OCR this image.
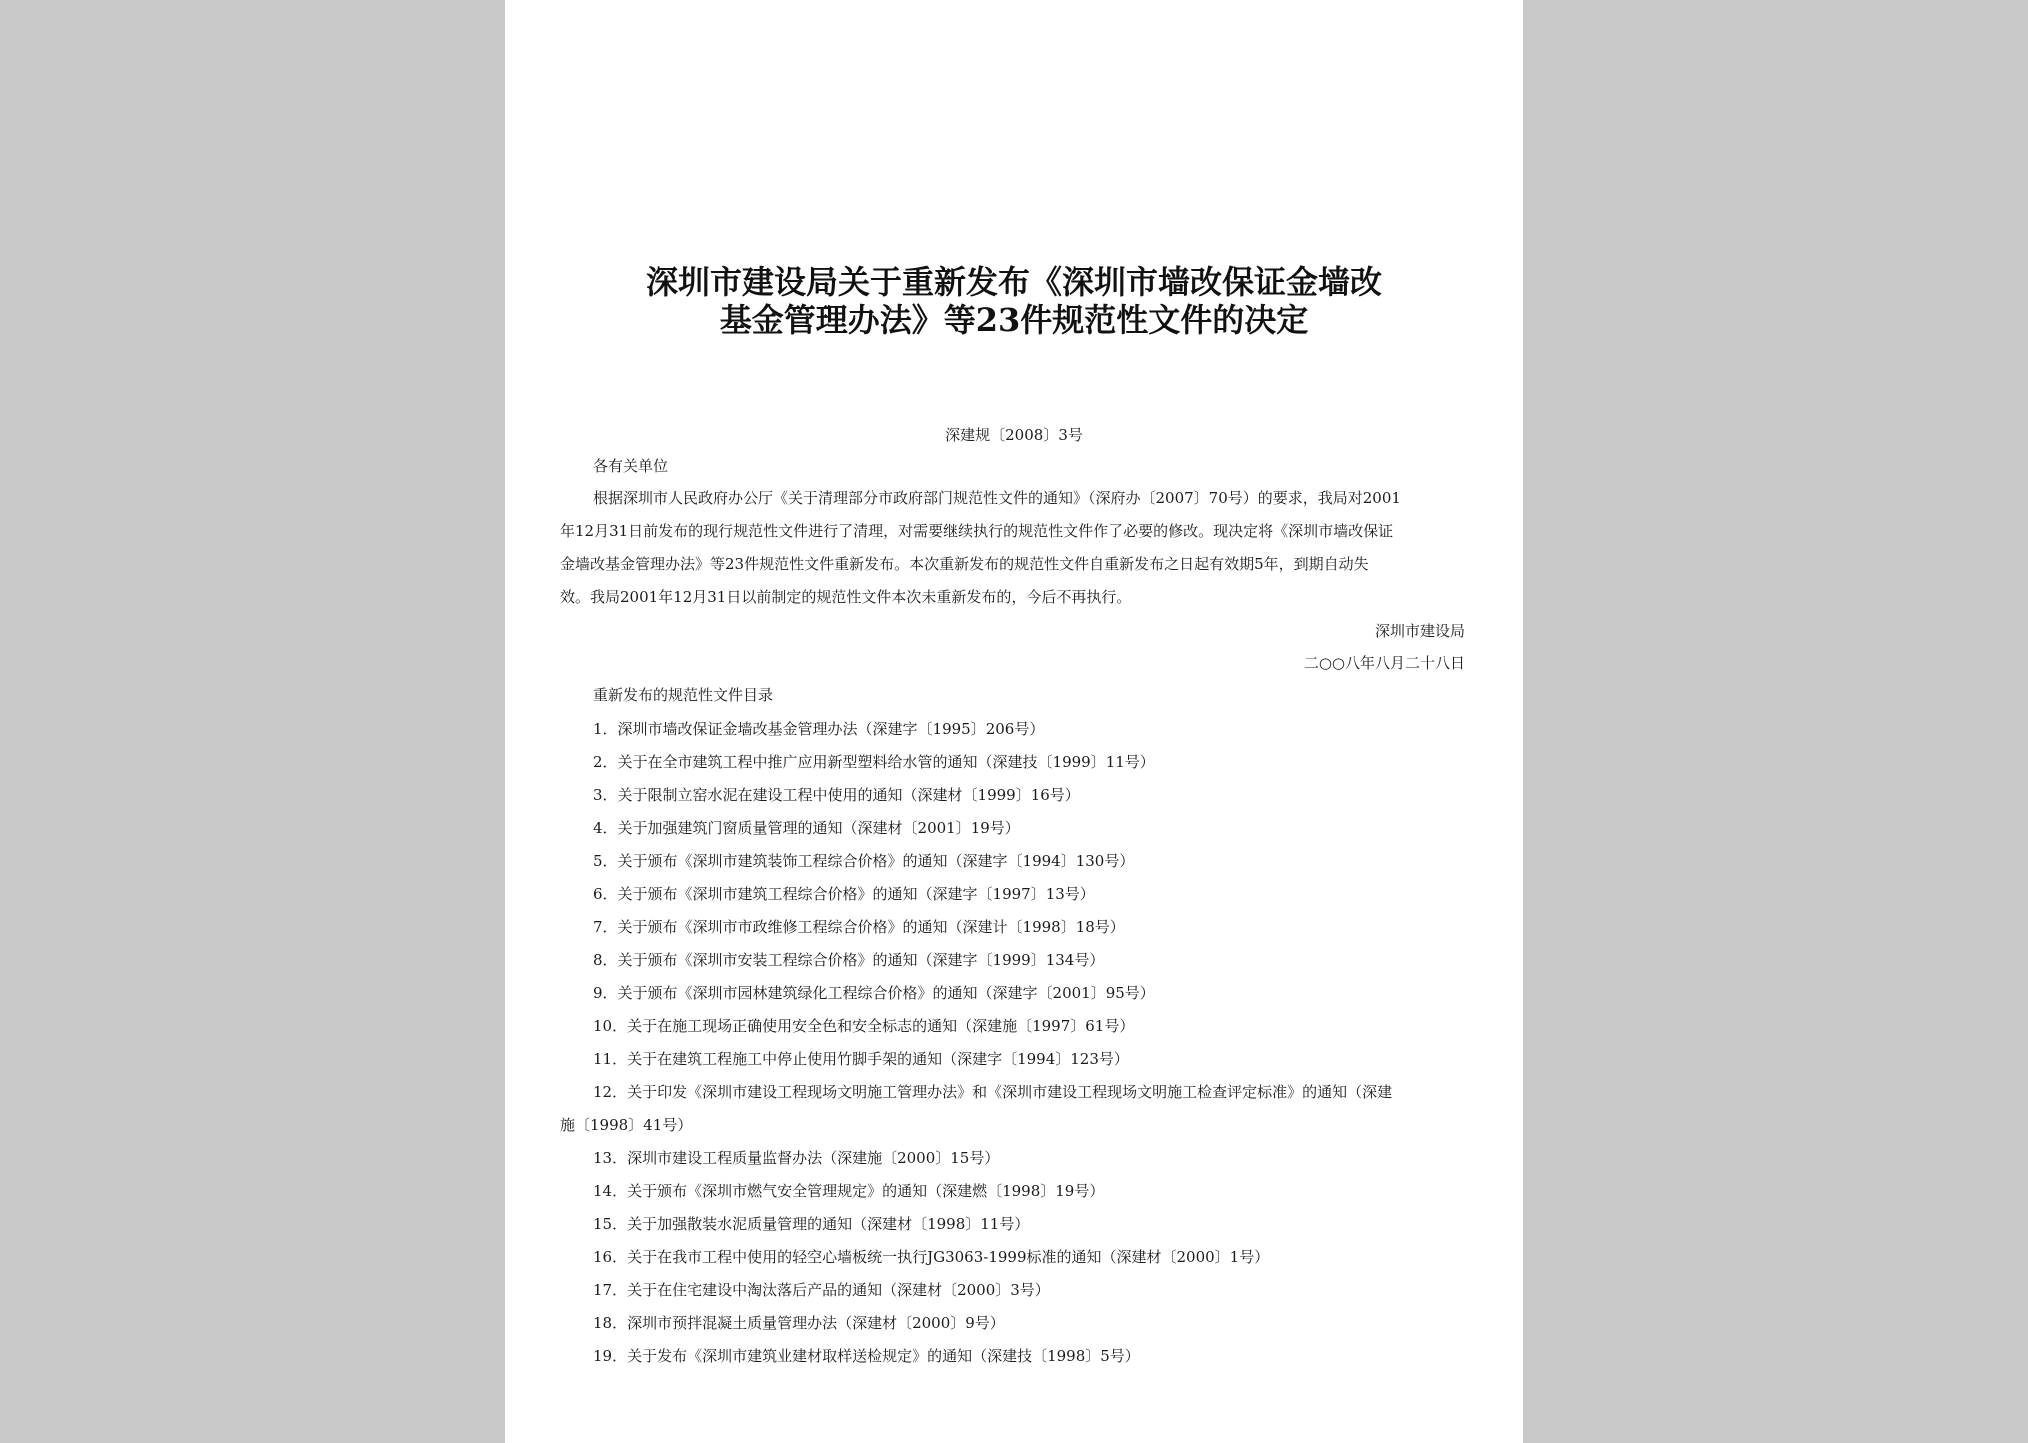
深圳市建设局关于重新发布《深圳市墙改保证金墙改
基金管理办法》等23件规范性文件的决定
深建规〔2008〕3号
各有关单位
根据深圳市人民政府办公厅《关于清理部分市政府部门规范性文件的通知》（深府办〔2007〕70号）的要求，我局对2001
年12月31日前发布的现行规范性文件进行了清理，对需要继续执行的规范性文件作了必要的修改。现决定将《深圳市墙改保证
金墙改基金管理办法》等23件规范性文件重新发布。本次重新发布的规范性文件自重新发布之日起有效期5年，到期自动失
效。我局2001年12月31日以前制定的规范性文件本次未重新发布的，今后不再执行。
深圳市建设局
二○○八年八月二十八日
重新发布的规范性文件目录
1．深圳市墙改保证金墙改基金管理办法（深建字〔1995〕206号）
2．关于在全市建筑工程中推广应用新型塑料给水管的通知（深建技〔1999〕11号）
3．关于限制立窑水泥在建设工程中使用的通知（深建材〔1999〕16号）
4．关于加强建筑门窗质量管理的通知（深建材〔2001〕19号）
5．关于颁布《深圳市建筑装饰工程综合价格》的通知（深建字〔1994〕130号）
6．关于颁布《深圳市建筑工程综合价格》的通知（深建字〔1997〕13号）
7．关于颁布《深圳市市政维修工程综合价格》的通知（深建计〔1998〕18号）
8．关于颁布《深圳市安装工程综合价格》的通知（深建字〔1999〕134号）
9．关于颁布《深圳市园林建筑绿化工程综合价格》的通知（深建字〔2001〕95号）
10．关于在施工现场正确使用安全色和安全标志的通知（深建施〔1997〕61号）
11．关于在建筑工程施工中停止使用竹脚手架的通知（深建字〔1994〕123号）
12．关于印发《深圳市建设工程现场文明施工管理办法》和《深圳市建设工程现场文明施工检查评定标准》的通知（深建
施〔1998〕41号）
13．深圳市建设工程质量监督办法（深建施〔2000〕15号）
14．关于颁布《深圳市燃气安全管理规定》的通知（深建燃〔1998〕19号）
15．关于加强散装水泥质量管理的通知（深建材〔1998〕11号）
16．关于在我市工程中使用的轻空心墙板统一执行JG3063-1999标准的通知（深建材〔2000〕1号）
17．关于在住宅建设中淘汰落后产品的通知（深建材〔2000〕3号）
18．深圳市预拌混凝土质量管理办法（深建材〔2000〕9号）
19．关于发布《深圳市建筑业建材取样送检规定》的通知（深建技〔1998〕5号）
